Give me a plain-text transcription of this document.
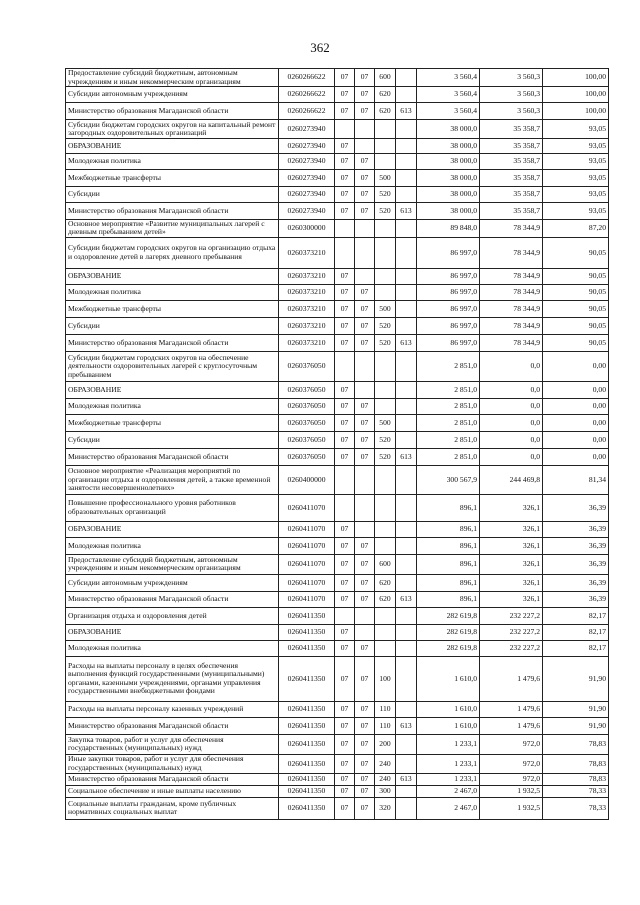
362
Предоставление субсидий бюджетным, автономным учреждениям и иным некоммерческим организациям	0260266622	07	07	600		3 560,4	3 560,3	100,00
Субсидии автономным учреждениям	0260266622	07	07	620		3 560,4	3 560,3	100,00
Министерство образования Магаданской области	0260266622	07	07	620	613	3 560,4	3 560,3	100,00
Субсидии бюджетам городских округов на капитальный ремонт загородных оздоровительных организаций	0260273940					38 000,0	35 358,7	93,05
ОБРАЗОВАНИЕ	0260273940	07				38 000,0	35 358,7	93,05
Молодежная политика	0260273940	07	07			38 000,0	35 358,7	93,05
Межбюджетные трансферты	0260273940	07	07	500		38 000,0	35 358,7	93,05
Субсидии	0260273940	07	07	520		38 000,0	35 358,7	93,05
Министерство образования Магаданской области	0260273940	07	07	520	613	38 000,0	35 358,7	93,05
Основное мероприятие «Развитие муниципальных лагерей с дневным пребыванием детей»	0260300000					89 848,0	78 344,9	87,20
Субсидии бюджетам городских округов на организацию отдыха и оздоровление детей в лагерях дневного пребывания	0260373210					86 997,0	78 344,9	90,05
ОБРАЗОВАНИЕ	0260373210	07				86 997,0	78 344,9	90,05
Молодежная политика	0260373210	07	07			86 997,0	78 344,9	90,05
Межбюджетные трансферты	0260373210	07	07	500		86 997,0	78 344,9	90,05
Субсидии	0260373210	07	07	520		86 997,0	78 344,9	90,05
Министерство образования Магаданской области	0260373210	07	07	520	613	86 997,0	78 344,9	90,05
Субсидии бюджетам городских округов на обеспечение деятельности оздоровительных лагерей с круглосуточным пребыванием	0260376050					2 851,0	0,0	0,00
ОБРАЗОВАНИЕ	0260376050	07				2 851,0	0,0	0,00
Молодежная политика	0260376050	07	07			2 851,0	0,0	0,00
Межбюджетные трансферты	0260376050	07	07	500		2 851,0	0,0	0,00
Субсидии	0260376050	07	07	520		2 851,0	0,0	0,00
Министерство образования Магаданской области	0260376050	07	07	520	613	2 851,0	0,0	0,00
Основное мероприятие «Реализация мероприятий по организации отдыха и оздоровления детей, а также временной занятости несовершеннолетних»	0260400000					300 567,9	244 469,8	81,34
Повышение профессионального уровня работников образовательных организаций	0260411070					896,1	326,1	36,39
ОБРАЗОВАНИЕ	0260411070	07				896,1	326,1	36,39
Молодежная политика	0260411070	07	07			896,1	326,1	36,39
Предоставление субсидий бюджетным, автономным учреждениям и иным некоммерческим организациям	0260411070	07	07	600		896,1	326,1	36,39
Субсидии автономным учреждениям	0260411070	07	07	620		896,1	326,1	36,39
Министерство образования Магаданской области	0260411070	07	07	620	613	896,1	326,1	36,39
Организация отдыха и оздоровления детей	0260411350					282 619,8	232 227,2	82,17
ОБРАЗОВАНИЕ	0260411350	07				282 619,8	232 227,2	82,17
Молодежная политика	0260411350	07	07			282 619,8	232 227,2	82,17
Расходы на выплаты персоналу в целях обеспечения выполнения функций государственными (муниципальными) органами, казенными учреждениями, органами управления государственными внебюджетными фондами	0260411350	07	07	100		1 610,0	1 479,6	91,90
Расходы на выплаты персоналу казенных учреждений	0260411350	07	07	110		1 610,0	1 479,6	91,90
Министерство образования Магаданской области	0260411350	07	07	110	613	1 610,0	1 479,6	91,90
Закупка товаров, работ и услуг для обеспечения государственных (муниципальных) нужд	0260411350	07	07	200		1 233,1	972,0	78,83
Иные закупки товаров, работ и услуг для обеспечения государственных (муниципальных) нужд	0260411350	07	07	240		1 233,1	972,0	78,83
Министерство образования Магаданской области	0260411350	07	07	240	613	1 233,1	972,0	78,83
Социальное обеспечение и иные выплаты населению	0260411350	07	07	300		2 467,0	1 932,5	78,33
Социальные выплаты гражданам, кроме публичных нормативных социальных выплат	0260411350	07	07	320		2 467,0	1 932,5	78,33
